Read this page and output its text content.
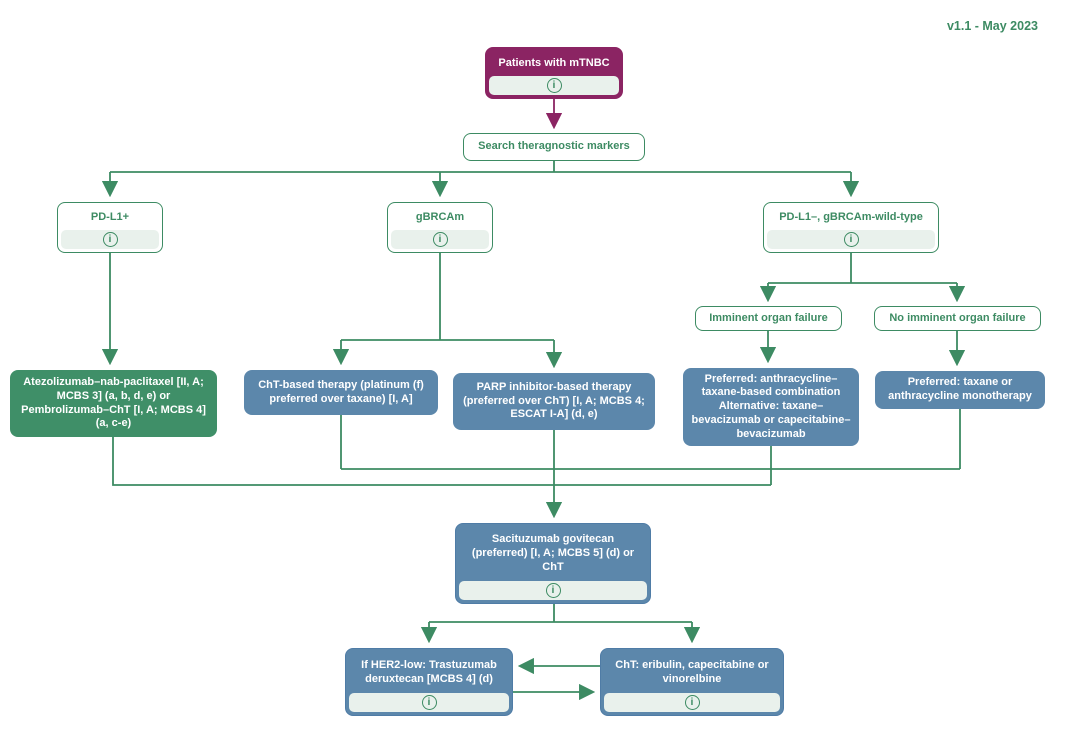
v1.1 - May 2023
Patients with mTNBC
i
Search theragnostic markers
PD-L1+
i
gBRCAm
i
PD-L1–, gBRCAm-wild-type
i
Imminent organ failure	No imminent organ failure
Atezolizumab–nab-paclitaxel [II, A; MCBS 3] (a, b, d, e) or Pembrolizumab–ChT [I, A; MCBS 4] (a, c-e)
ChT-based therapy (platinum (f) preferred over taxane) [I, A]
PARP inhibitor-based therapy (preferred over ChT) [I, A; MCBS 4; ESCAT I-A] (d, e)
Preferred: anthracycline–taxane-based combination Alternative: taxane–bevacizumab or capecitabine–bevacizumab
Preferred: taxane or anthracycline monotherapy
Sacituzumab govitecan (preferred) [I, A; MCBS 5] (d) or ChT
i
If HER2-low: Trastuzumab deruxtecan [MCBS 4] (d)
i
ChT: eribulin, capecitabine or vinorelbine
i
